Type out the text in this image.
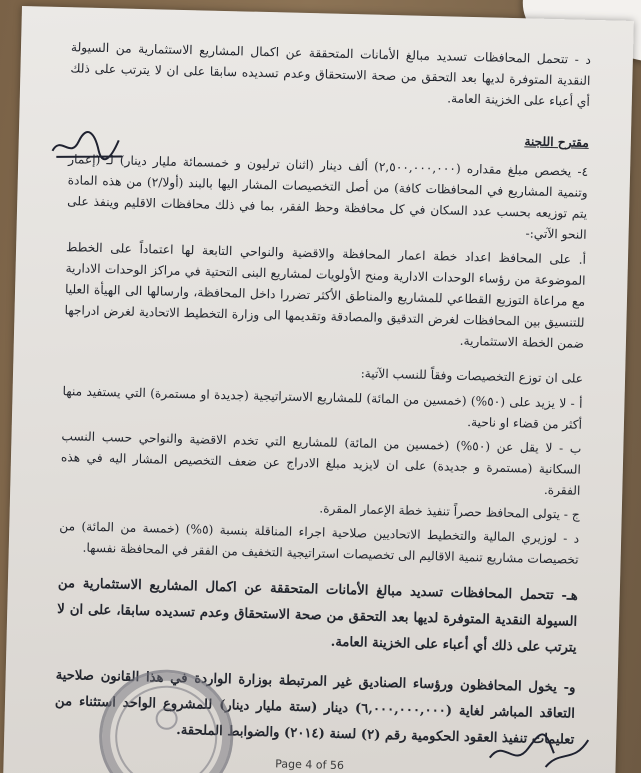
د - تتحمل المحافظات تسديد مبالغ الأمانات المتحققة عن اكمال المشاريع الاستثمارية من السيولة النقدية المتوفرة لديها بعد التحقق من صحة الاستحقاق وعدم تسديده سابقا على ان لا يترتب على ذلك أي أعباء على الخزينة العامة.

مقترح اللجنة

٤- يخصص مبلغ مقداره (٢,٥٠٠,٠٠٠,٠٠٠) ألف دينار (اثنان ترليون و خمسمائة مليار دينار) لـ (إعمار وتنمية المشاريع في المحافظات كافة) من أصل التخصيصات المشار اليها بالبند (أولا/٢) من هذه المادة يتم توزيعه بحسب عدد السكان في كل محافظة وحظ الفقر، بما في ذلك محافظات الاقليم وينفذ على النحو الآتي:-

أ. على المحافظ اعداد خطة اعمار المحافظة والاقضية والنواحي التابعة لها اعتماداً على الخطط الموضوعة من رؤساء الوحدات الادارية ومنح الأولويات لمشاريع البنى التحتية في مراكز الوحدات الادارية مع مراعاة التوزيع القطاعي للمشاريع والمناطق الأكثر تضررا داخل المحافظة، وارسالها الى الهيأة العليا للتنسيق بين المحافظات لغرض التدقيق والمصادقة وتقديمها الى وزارة التخطيط الاتحادية لغرض ادراجها ضمن الخطة الاستثمارية.

على ان توزع التخصيصات وفقاً للنسب الآتية:

أ - لا يزيد على (٥٠%) (خمسين من المائة) للمشاريع الاستراتيجية (جديدة او مستمرة) التي يستفيد منها أكثر من قضاء او ناحية.
ب - لا يقل عن (٥٠%) (خمسين من المائة) للمشاريع التي تخدم الاقضية والنواحي حسب النسب السكانية (مستمرة و جديدة) على ان لايزيد مبلغ الادراج عن ضعف التخصيص المشار اليه في هذه الفقرة.
ج - يتولى المحافظ حصراً تنفيذ خطة الإعمار المقرة.
د - لوزيري المالية والتخطيط الاتحاديين صلاحية اجراء المناقلة بنسبة (٥%) (خمسة من المائة) من تخصيصات مشاريع تنمية الاقاليم الى تخصيصات استراتيجية التخفيف من الفقر في المحافظة نفسها.

هـ- تتحمل المحافظات تسديد مبالغ الأمانات المتحققة عن اكمال المشاريع الاستثمارية من السيولة النقدية المتوفرة لديها بعد التحقق من صحة الاستحقاق وعدم تسديده سابقا، على ان لا يترتب على ذلك أي أعباء على الخزينة العامة.

و- يخول المحافظون ورؤساء الصناديق غير المرتبطة بوزارة الواردة في هذا القانون صلاحية التعاقد المباشر لغاية (٦,٠٠٠,٠٠٠,٠٠٠) دينار (ستة مليار دينار) للمشروع الواحد استثناء من تعليمات تنفيذ العقود الحكومية رقم (٢) لسنة (٢٠١٤) والضوابط الملحقة.

Page 4 of 56
